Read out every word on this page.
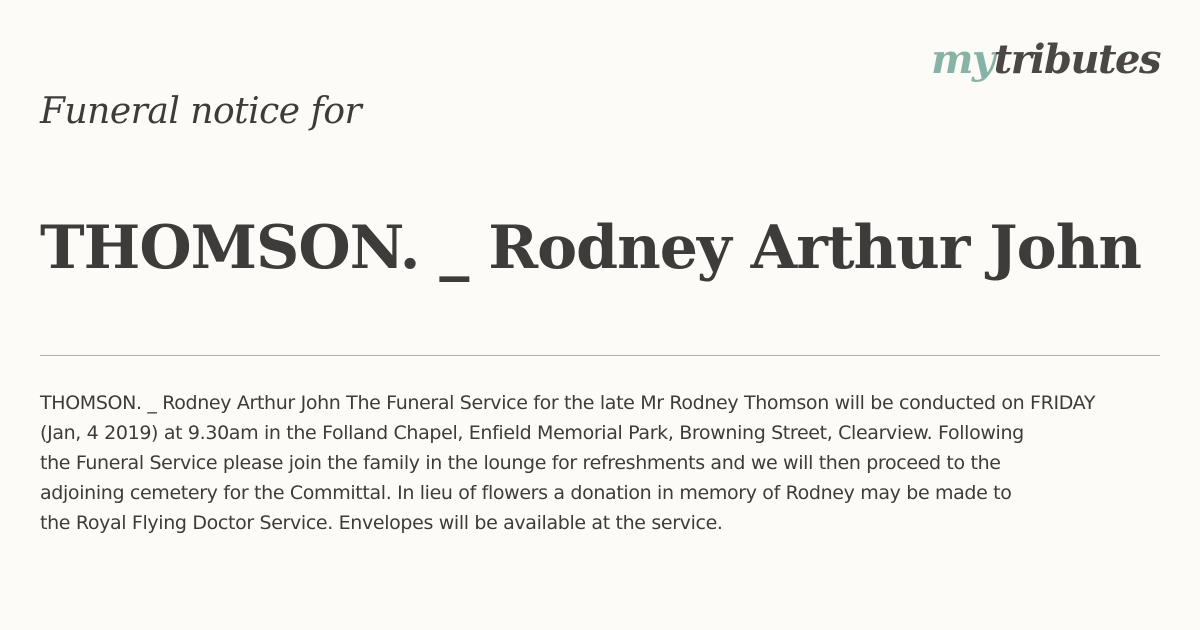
mytributes
Funeral notice for
THOMSON. _ Rodney Arthur John
THOMSON. _ Rodney Arthur John The Funeral Service for the late Mr Rodney Thomson will be conducted on FRIDAY
(Jan, 4 2019) at 9.30am in the Folland Chapel, Enfield Memorial Park, Browning Street, Clearview. Following
the Funeral Service please join the family in the lounge for refreshments and we will then proceed to the
adjoining cemetery for the Committal. In lieu of flowers a donation in memory of Rodney may be made to
the Royal Flying Doctor Service. Envelopes will be available at the service.
